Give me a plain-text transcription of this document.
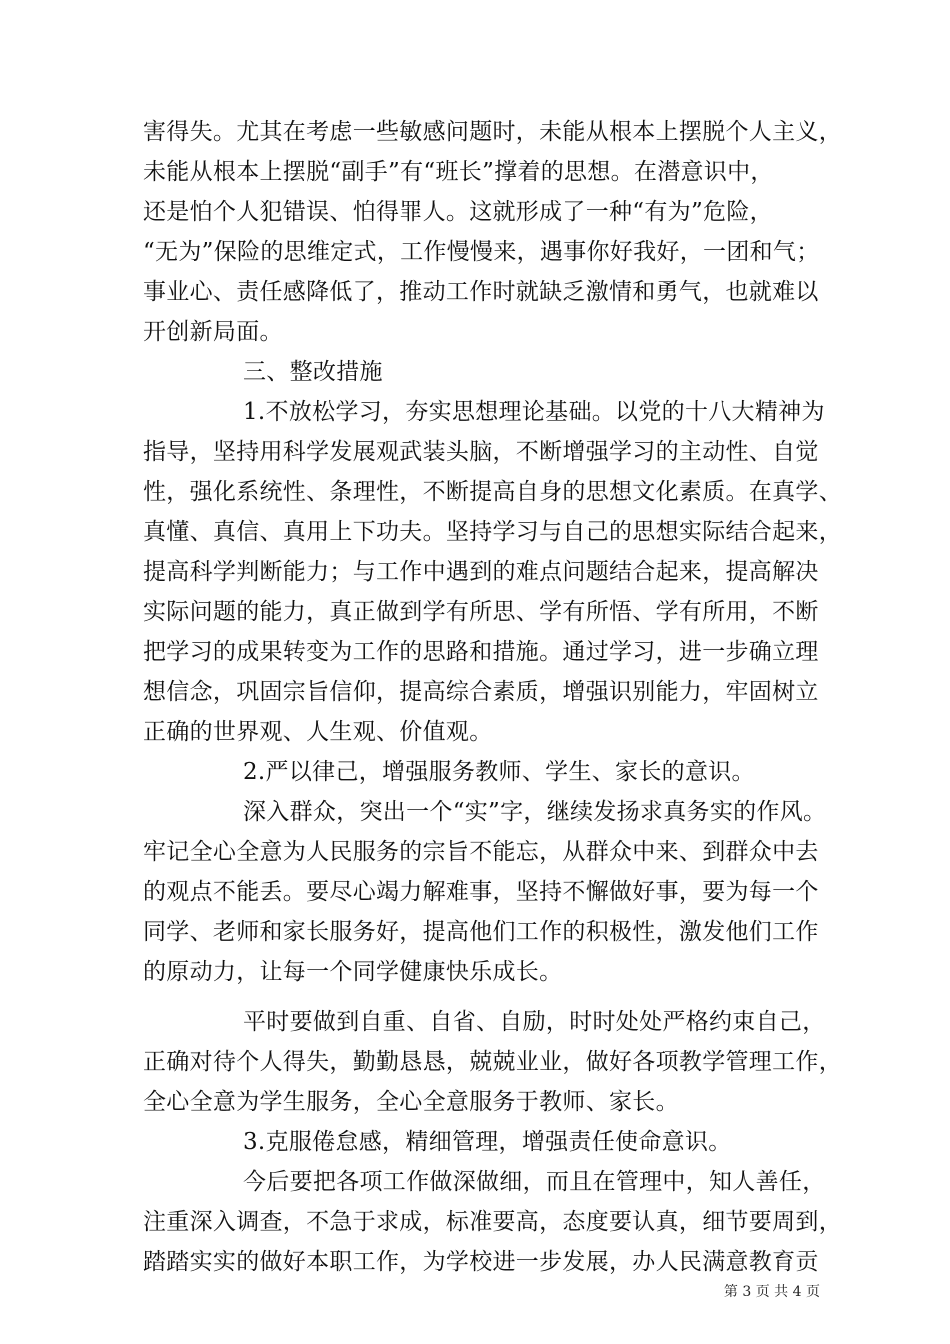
害得失。尤其在考虑一些敏感问题时，未能从根本上摆脱个人主义，
未能从根本上摆脱“副手”有“班长”撑着的思想。在潜意识中，
还是怕个人犯错误、怕得罪人。这就形成了一种“有为”危险，
“无为”保险的思维定式，工作慢慢来，遇事你好我好，一团和气；
事业心、责任感降低了，推动工作时就缺乏激情和勇气，也就难以
开创新局面。
三、整改措施
1.不放松学习，夯实思想理论基础。以党的十八大精神为
指导，坚持用科学发展观武装头脑，不断增强学习的主动性、自觉
性，强化系统性、条理性，不断提高自身的思想文化素质。在真学、
真懂、真信、真用上下功夫。坚持学习与自己的思想实际结合起来，
提高科学判断能力；与工作中遇到的难点问题结合起来，提高解决
实际问题的能力，真正做到学有所思、学有所悟、学有所用，不断
把学习的成果转变为工作的思路和措施。通过学习，进一步确立理
想信念，巩固宗旨信仰，提高综合素质，增强识别能力，牢固树立
正确的世界观、人生观、价值观。
2.严以律己，增强服务教师、学生、家长的意识。
深入群众，突出一个“实”字，继续发扬求真务实的作风。
牢记全心全意为人民服务的宗旨不能忘，从群众中来、到群众中去
的观点不能丢。要尽心竭力解难事，坚持不懈做好事，要为每一个
同学、老师和家长服务好，提高他们工作的积极性，激发他们工作
的原动力，让每一个同学健康快乐成长。
平时要做到自重、自省、自励，时时处处严格约束自己，
正确对待个人得失，勤勤恳恳，兢兢业业，做好各项教学管理工作，
全心全意为学生服务，全心全意服务于教师、家长。
3.克服倦怠感，精细管理，增强责任使命意识。
今后要把各项工作做深做细，而且在管理中，知人善任，
注重深入调查，不急于求成，标准要高，态度要认真，细节要周到，
踏踏实实的做好本职工作，为学校进一步发展，办人民满意教育贡
第 3 页 共 4 页
